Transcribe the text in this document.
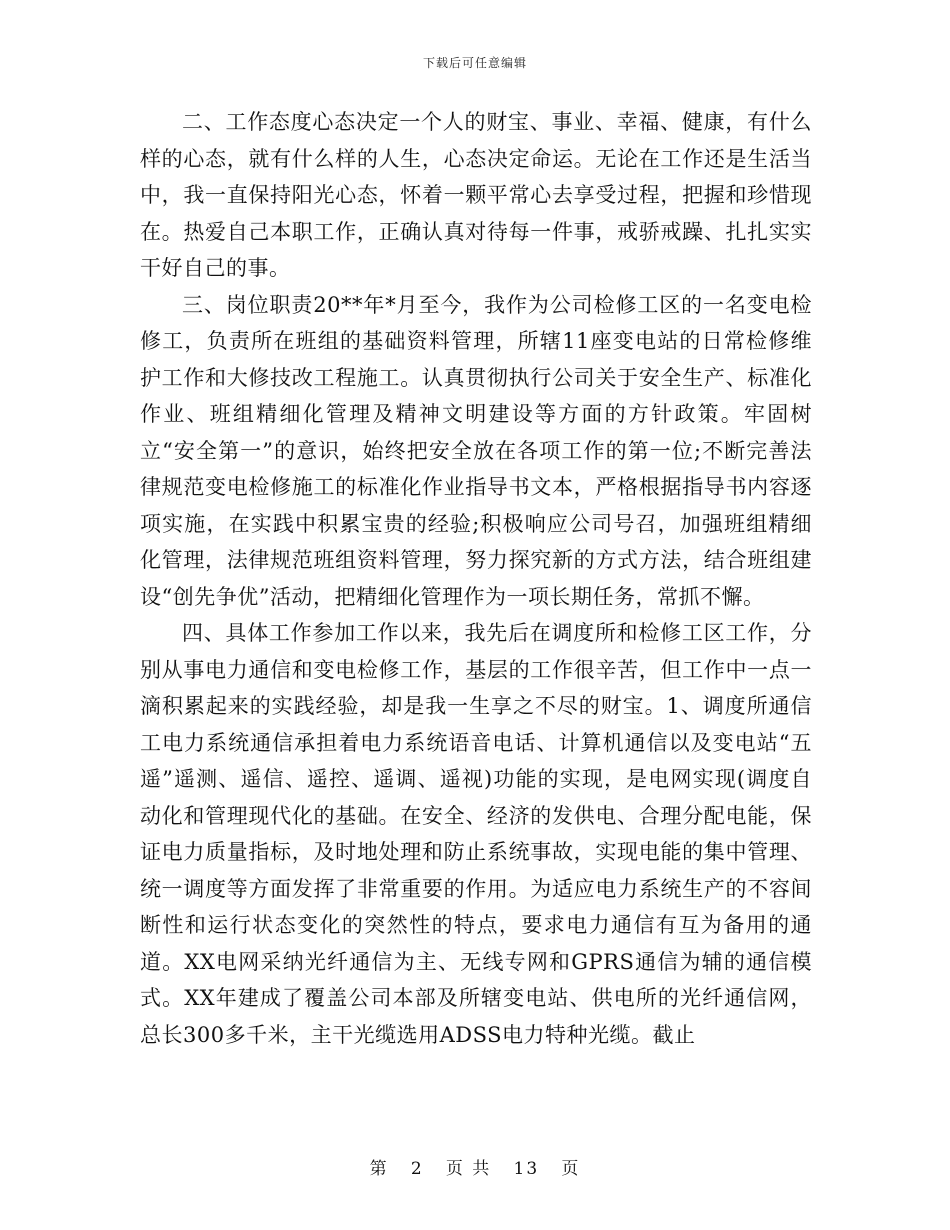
下载后可任意编辑

二、工作态度心态决定一个人的财宝、事业、幸福、健康，有什么样的心态，就有什么样的人生，心态决定命运。无论在工作还是生活当中，我一直保持阳光心态，怀着一颗平常心去享受过程，把握和珍惜现在。热爱自己本职工作，正确认真对待每一件事，戒骄戒躁、扎扎实实干好自己的事。

三、岗位职责20**年*月至今，我作为公司检修工区的一名变电检修工，负责所在班组的基础资料管理，所辖11座变电站的日常检修维护工作和大修技改工程施工。认真贯彻执行公司关于安全生产、标准化作业、班组精细化管理及精神文明建设等方面的方针政策。牢固树立“安全第一”的意识，始终把安全放在各项工作的第一位;不断完善法律规范变电检修施工的标准化作业指导书文本，严格根据指导书内容逐项实施，在实践中积累宝贵的经验;积极响应公司号召，加强班组精细化管理，法律规范班组资料管理，努力探究新的方式方法，结合班组建设“创先争优”活动，把精细化管理作为一项长期任务，常抓不懈。

四、具体工作参加工作以来，我先后在调度所和检修工区工作，分别从事电力通信和变电检修工作，基层的工作很辛苦，但工作中一点一滴积累起来的实践经验，却是我一生享之不尽的财宝。1、调度所通信工电力系统通信承担着电力系统语音电话、计算机通信以及变电站“五遥”遥测、遥信、遥控、遥调、遥视)功能的实现，是电网实现(调度自动化和管理现代化的基础。在安全、经济的发供电、合理分配电能，保证电力质量指标，及时地处理和防止系统事故，实现电能的集中管理、统一调度等方面发挥了非常重要的作用。为适应电力系统生产的不容间断性和运行状态变化的突然性的特点，要求电力通信有互为备用的通道。XX电网采纳光纤通信为主、无线专网和GPRS通信为辅的通信模式。XX年建成了覆盖公司本部及所辖变电站、供电所的光纤通信网，总长300多千米，主干光缆选用ADSS电力特种光缆。截止

第 2 页 共 13 页
